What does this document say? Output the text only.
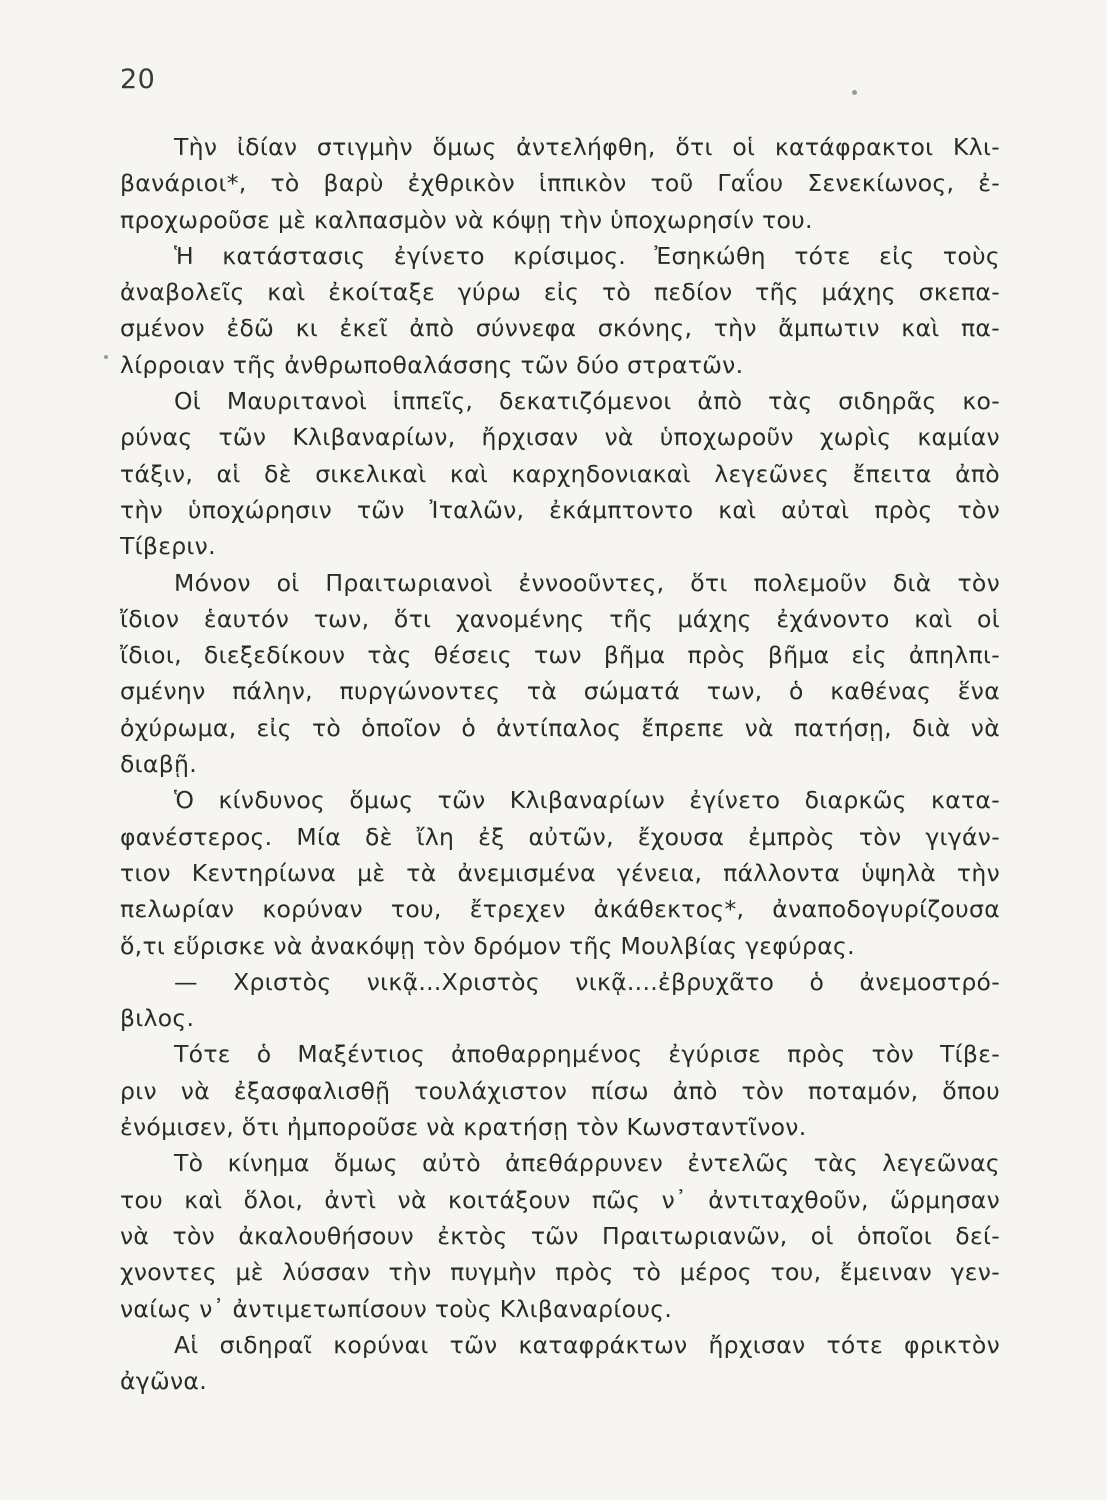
20
Τὴν ἰδίαν στιγμὴν ὅμως ἀντελήφθη, ὅτι οἱ κατάφρακτοι Κλι-
βανάριοι*, τὸ βαρὺ ἐχθρικὸν ἱππικὸν τοῦ Γαΐου Σενεκίωνος, ἐ-
προχωροῦσε μὲ καλπασμὸν νὰ κόψῃ τὴν ὑποχωρησίν του.
Ἡ κατάστασις ἐγίνετο κρίσιμος. Ἐσηκώθη τότε εἰς τοὺς
ἀναβολεῖς καὶ ἐκοίταξε γύρω εἰς τὸ πεδίον τῆς μάχης σκεπα-
σμένον ἐδῶ κι ἐκεῖ ἀπὸ σύννεφα σκόνης, τὴν ἄμπωτιν καὶ πα-
λίρροιαν τῆς ἀνθρωποθαλάσσης τῶν δύο στρατῶν.
Οἱ Μαυριτανοὶ ἱππεῖς, δεκατιζόμενοι ἀπὸ τὰς σιδηρᾶς κο-
ρύνας τῶν Κλιβαναρίων, ἤρχισαν νὰ ὑποχωροῦν χωρὶς καμίαν
τάξιν, αἱ δὲ σικελικαὶ καὶ καρχηδονιακαὶ λεγεῶνες ἔπειτα ἀπὸ
τὴν ὑποχώρησιν τῶν Ἰταλῶν, ἐκάμπτοντο καὶ αὐταὶ πρὸς τὸν
Τίβεριν.
Μόνον οἱ Πραιτωριανοὶ ἐννοοῦντες, ὅτι πολεμοῦν διὰ τὸν
ἴδιον ἑαυτόν των, ὅτι χανομένης τῆς μάχης ἐχάνοντο καὶ οἱ
ἴδιοι, διεξεδίκουν τὰς θέσεις των βῆμα πρὸς βῆμα εἰς ἀπηλπι-
σμένην πάλην, πυργώνοντες τὰ σώματά των, ὁ καθένας ἕνα
ὀχύρωμα, εἰς τὸ ὁποῖον ὁ ἀντίπαλος ἔπρεπε νὰ πατήσῃ, διὰ νὰ
διαβῇ.
Ὁ κίνδυνος ὅμως τῶν Κλιβαναρίων ἐγίνετο διαρκῶς κατα-
φανέστερος. Μία δὲ ἴλη ἐξ αὐτῶν, ἔχουσα ἐμπρὸς τὸν γιγάν-
τιον Κεντηρίωνα μὲ τὰ ἀνεμισμένα γένεια, πάλλοντα ὑψηλὰ τὴν
πελωρίαν κορύναν του, ἔτρεχεν ἀκάθεκτος*, ἀναποδογυρίζουσα
ὅ,τι εὕρισκε νὰ ἀνακόψῃ τὸν δρόμον τῆς Μουλβίας γεφύρας.
— Χριστὸς νικᾷ...Χριστὸς νικᾷ....ἐβρυχᾶτο ὁ ἀνεμοστρό-
βιλος.
Τότε ὁ Μαξέντιος ἀποθαρρημένος ἐγύρισε πρὸς τὸν Τίβε-
ριν νὰ ἐξασφαλισθῇ τουλάχιστον πίσω ἀπὸ τὸν ποταμόν, ὅπου
ἐνόμισεν, ὅτι ἠμποροῦσε νὰ κρατήσῃ τὸν Κωνσταντῖνον.
Τὸ κίνημα ὅμως αὐτὸ ἀπεθάρρυνεν ἐντελῶς τὰς λεγεῶνας
του καὶ ὅλοι, ἀντὶ νὰ κοιτάξουν πῶς ν᾽ ἀντιταχθοῦν, ὥρμησαν
νὰ τὸν ἀκαλουθήσουν ἐκτὸς τῶν Πραιτωριανῶν, οἱ ὁποῖοι δεί-
χνοντες μὲ λύσσαν τὴν πυγμὴν πρὸς τὸ μέρος του, ἔμειναν γεν-
ναίως ν᾽ ἀντιμετωπίσουν τοὺς Κλιβαναρίους.
Αἱ σιδηραῖ κορύναι τῶν καταφράκτων ἤρχισαν τότε φρικτὸν
ἀγῶνα.
